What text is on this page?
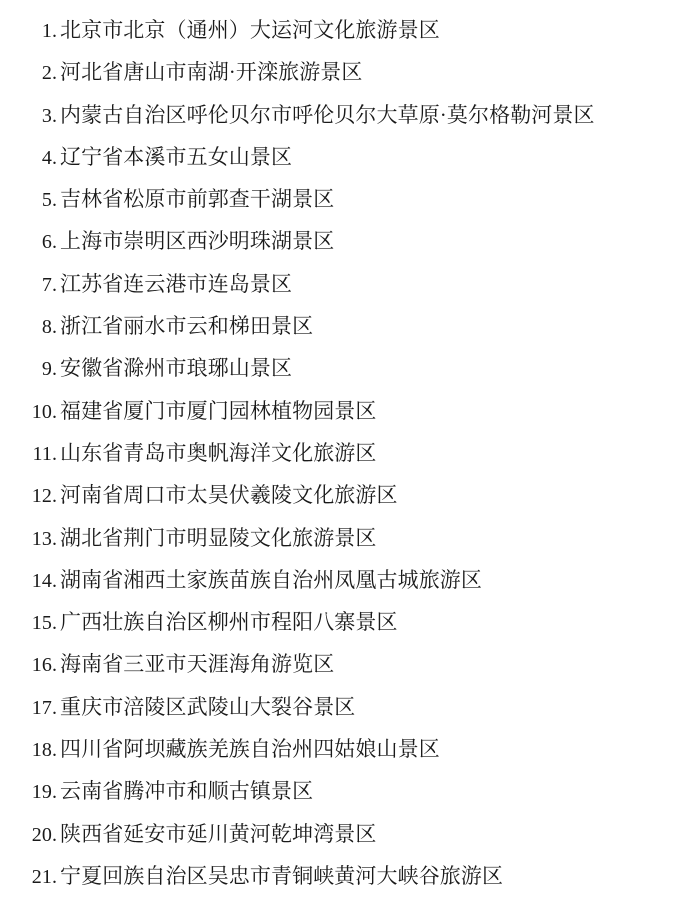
1 . 北京市北京（通州）大运河文化旅游景区
2 . 河北省唐山市南湖·开滦旅游景区
3 . 内蒙古自治区呼伦贝尔市呼伦贝尔大草原·莫尔格勒河景区
4 . 辽宁省本溪市五女山景区
5 . 吉林省松原市前郭查干湖景区
6 . 上海市崇明区西沙明珠湖景区
7 . 江苏省连云港市连岛景区
8 . 浙江省丽水市云和梯田景区
9 . 安徽省滁州市琅琊山景区
10 . 福建省厦门市厦门园林植物园景区
11 . 山东省青岛市奥帆海洋文化旅游区
12 . 河南省周口市太昊伏羲陵文化旅游区
13 . 湖北省荆门市明显陵文化旅游景区
14 . 湖南省湘西土家族苗族自治州凤凰古城旅游区
15 . 广西壮族自治区柳州市程阳八寨景区
16 . 海南省三亚市天涯海角游览区
17 . 重庆市涪陵区武陵山大裂谷景区
18 . 四川省阿坝藏族羌族自治州四姑娘山景区
19 . 云南省腾冲市和顺古镇景区
20 . 陕西省延安市延川黄河乾坤湾景区
21 . 宁夏回族自治区吴忠市青铜峡黄河大峡谷旅游区
